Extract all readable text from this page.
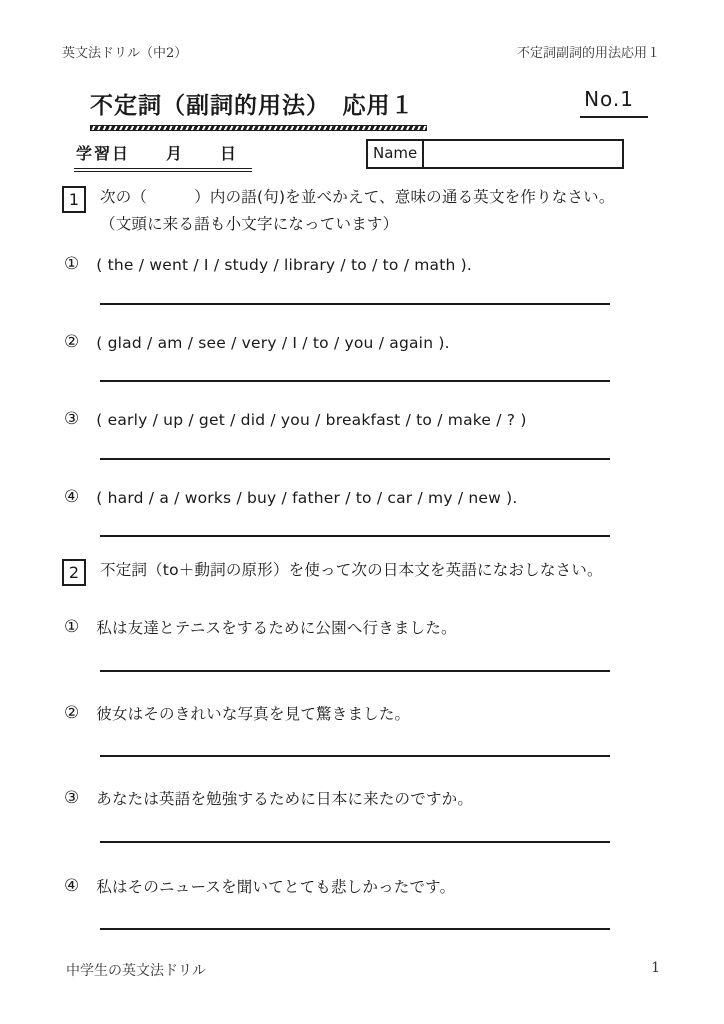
英文法ドリル（中2）	不定詞副詞的用法応用１
不定詞（副詞的用法）　応用１	No.1
学習日　　月　　日	Name
1	次の（　　　）内の語(句)を並べかえて、意味の通る英文を作りなさい。
（文頭に来る語も小文字になっています）
① ( the / went / I / study / library / to / to / math ).
② ( glad / am / see / very / I / to / you / again ).
③ ( early / up / get / did / you / breakfast / to / make / ? )
④ ( hard / a / works / buy / father / to / car / my / new ).
2	不定詞（to＋動詞の原形）を使って次の日本文を英語になおしなさい。
① 私は友達とテニスをするために公園へ行きました。
② 彼女はそのきれいな写真を見て驚きました。
③ あなたは英語を勉強するために日本に来たのですか。
④ 私はそのニュースを聞いてとても悲しかったです。
中学生の英文法ドリル	1
